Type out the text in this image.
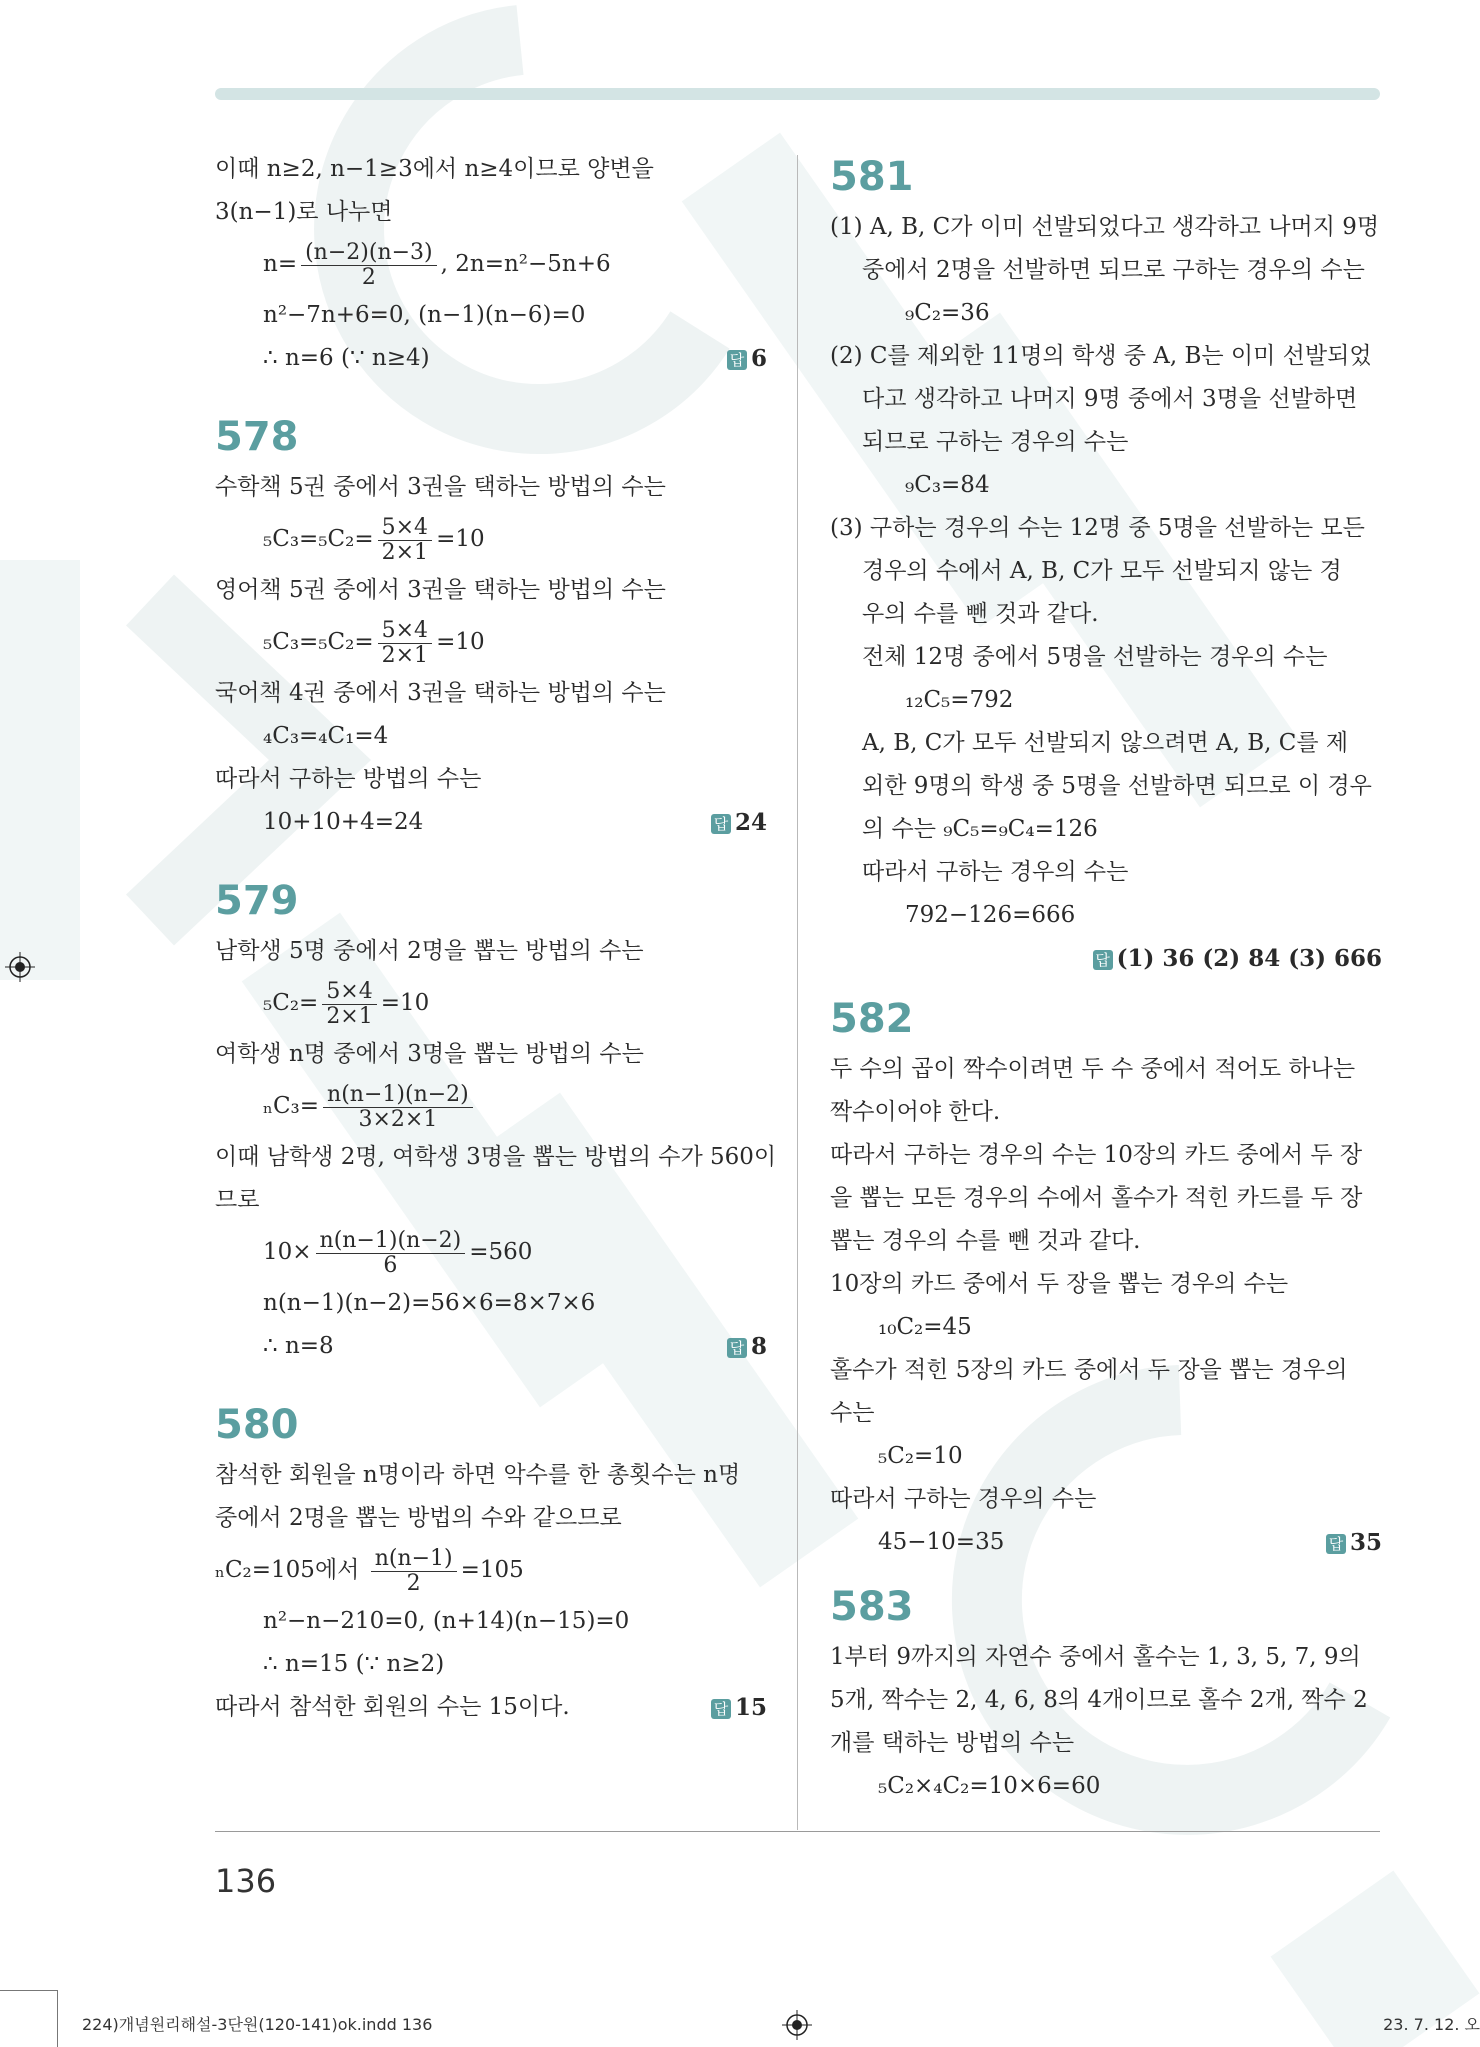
136
224)개념원리해설-3단원(120-141)ok.indd 136	23. 7. 12. 오
이때 n≥2, n−1≥3에서 n≥4이므로 양변을
3(n−1)로 나누면
$n= \frac{(n-2)(n-3)}{2}$ , 2n=n²−5n+6
n²−7n+6=0, (n−1)(n−6)=0
∴ n=6 (∵ n≥4)	답 6
578
수학책 5권 중에서 3권을 택하는 방법의 수는
$_5C_3=_5C_2= \frac{5\times 4}{2\times 1} =10$
영어책 5권 중에서 3권을 택하는 방법의 수는
$_5C_3=_5C_2= \frac{5\times 4}{2\times 1} =10$
국어책 4권 중에서 3권을 택하는 방법의 수는
₄C₃=₄C₁=4
따라서 구하는 방법의 수는
10+10+4=24	답 24
579
남학생 5명 중에서 2명을 뽑는 방법의 수는
$_5C_2= \frac{5\times 4}{2\times 1} =10$
여학생 n명 중에서 3명을 뽑는 방법의 수는
$_nC_3= \frac{n(n-1)(n-2)}{3\times 2\times 1}$
이때 남학생 2명, 여학생 3명을 뽑는 방법의 수가 560이
므로
$10\times \frac{n(n-1)(n-2)}{6} =560$
n(n−1)(n−2)=56×6=8×7×6
∴ n=8	답 8
580
참석한 회원을 n명이라 하면 악수를 한 총횟수는 n명
중에서 2명을 뽑는 방법의 수와 같으므로
ₙC₂=105에서 $\frac{n(n-1)}{2} =105$
n²−n−210=0, (n+14)(n−15)=0
∴ n=15 (∵ n≥2)
따라서 참석한 회원의 수는 15이다.	답 15
581
(1) A, B, C가 이미 선발되었다고 생각하고 나머지 9명
중에서 2명을 선발하면 되므로 구하는 경우의 수는
₉C₂=36
(2) C를 제외한 11명의 학생 중 A, B는 이미 선발되었
다고 생각하고 나머지 9명 중에서 3명을 선발하면
되므로 구하는 경우의 수는
₉C₃=84
(3) 구하는 경우의 수는 12명 중 5명을 선발하는 모든
경우의 수에서 A, B, C가 모두 선발되지 않는 경
우의 수를 뺀 것과 같다.
전체 12명 중에서 5명을 선발하는 경우의 수는
₁₂C₅=792
A, B, C가 모두 선발되지 않으려면 A, B, C를 제
외한 9명의 학생 중 5명을 선발하면 되므로 이 경우
의 수는 ₉C₅=₉C₄=126
따라서 구하는 경우의 수는
792−126=666
답 (1) 36 (2) 84 (3) 666
582
두 수의 곱이 짝수이려면 두 수 중에서 적어도 하나는
짝수이어야 한다.
따라서 구하는 경우의 수는 10장의 카드 중에서 두 장
을 뽑는 모든 경우의 수에서 홀수가 적힌 카드를 두 장
뽑는 경우의 수를 뺀 것과 같다.
10장의 카드 중에서 두 장을 뽑는 경우의 수는
₁₀C₂=45
홀수가 적힌 5장의 카드 중에서 두 장을 뽑는 경우의
수는
₅C₂=10
따라서 구하는 경우의 수는
45−10=35	답 35
583
1부터 9까지의 자연수 중에서 홀수는 1, 3, 5, 7, 9의
5개, 짝수는 2, 4, 6, 8의 4개이므로 홀수 2개, 짝수 2
개를 택하는 방법의 수는
₅C₂×₄C₂=10×6=60
